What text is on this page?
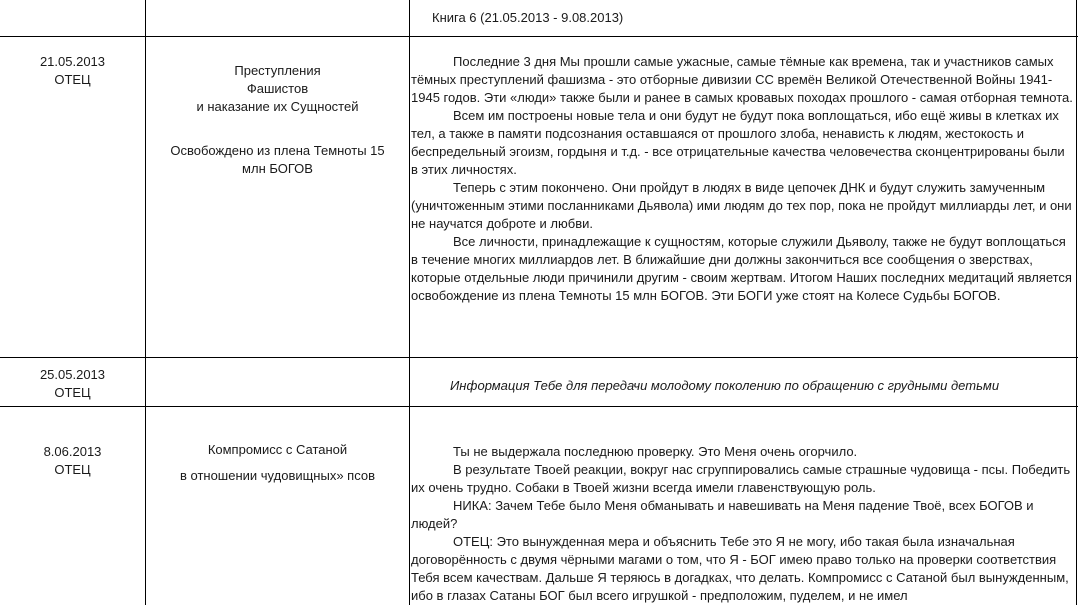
Книга 6 (21.05.2013 - 9.08.2013)
21.05.2013
ОТЕЦ
Преступления
Фашистов
и наказание их Сущностей
Освобождено из плена Темноты 15 млн БОГОВ

Последние 3 дня Мы прошли самые ужасные, самые тёмные как времена, так и участников самых тёмных преступлений фашизма - это отборные дивизии СС времён Великой Отечественной Войны 1941-1945 годов. Эти «люди» также были и ранее в самых кровавых походах прошлого - самая отборная темнота.

Всем им построены новые тела и они будут не будут пока воплощаться, ибо ещё живы в клетках их тел, а также в памяти подсознания оставшаяся от прошлого злоба, ненависть к людям, жестокость и беспредельный эгоизм, гордыня и т.д. - все отрицательные качества человечества сконцентрированы были в этих личностях.

Теперь с этим покончено. Они пройдут в людях в виде цепочек ДНК и будут служить замученным (уничтоженным этими посланниками Дьявола) ими людям до тех пор, пока не пройдут миллиарды лет, и они не научатся доброте и любви.

Все личности, принадлежащие к сущностям, которые служили Дьяволу, также не будут воплощаться в течение многих миллиардов лет. В ближайшие дни должны закончиться все сообщения о зверствах, которые отдельные люди причинили другим - своим жертвам. Итогом Наших последних медитаций является освобождение из плена Темноты 15 млн БОГОВ. Эти БОГИ уже стоят на Колесе Судьбы БОГОВ.

25.05.2013
ОТЕЦ	Информация Тебе для передачи молодому поколению по обращению с грудными детьми
8.06.2013
ОТЕЦ
Компромисс с Сатаной
в отношении чудовищных» псов

Ты не выдержала последнюю проверку. Это Меня очень огорчило.

В результате Твоей реакции, вокруг нас сгруппировались самые страшные чудовища - псы. Победить их очень трудно. Собаки в Твоей жизни всегда имели главенствующую роль.

НИКА: Зачем Тебе было Меня обманывать и навешивать на Меня падение Твоё, всех БОГОВ и людей?

ОТЕЦ: Это вынужденная мера и объяснить Тебе это Я не могу, ибо такая была изначальная договорённость с двумя чёрными магами о том, что Я - БОГ имею право только на проверки соответствия Тебя всем качествам. Дальше Я теряюсь в догадках, что делать. Компромисс с Сатаной был вынужденным, ибо в глазах Сатаны БОГ был всего игрушкой - предположим, пуделем, и не имел
